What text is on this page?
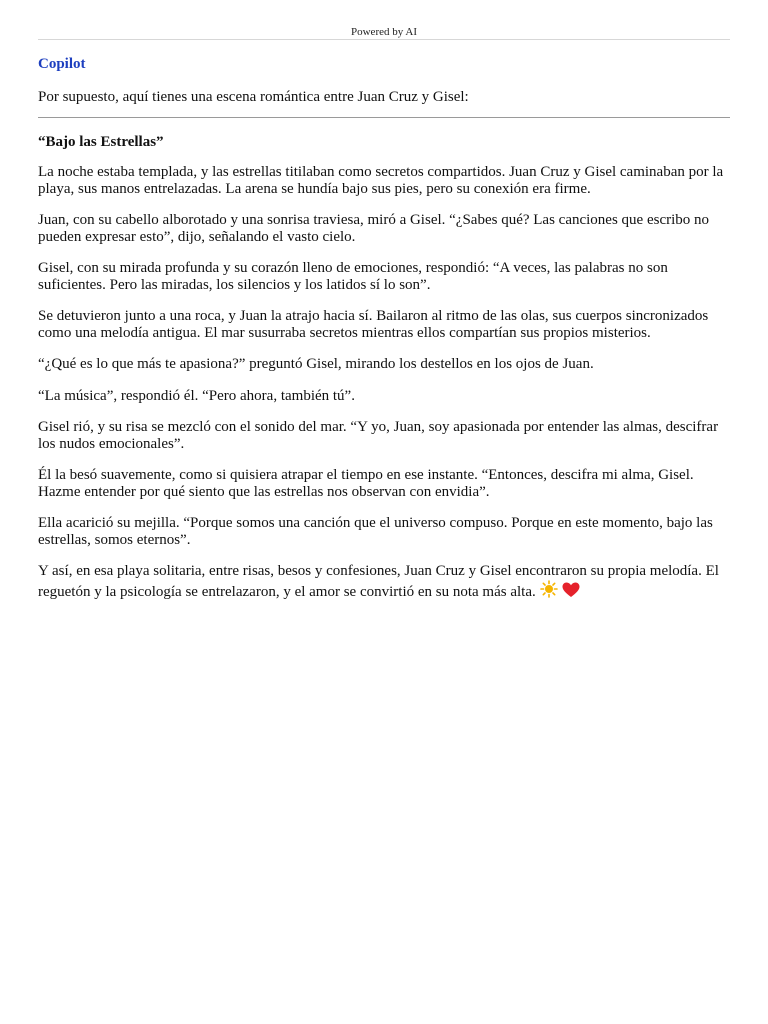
Powered by AI
Copilot
Por supuesto, aquí tienes una escena romántica entre Juan Cruz y Gisel:
“Bajo las Estrellas”

La noche estaba templada, y las estrellas titilaban como secretos compartidos. Juan Cruz y Gisel caminaban por la playa, sus manos entrelazadas. La arena se hundía bajo sus pies, pero su conexión era firme.

Juan, con su cabello alborotado y una sonrisa traviesa, miró a Gisel. “¿Sabes qué? Las canciones que escribo no pueden expresar esto”, dijo, señalando el vasto cielo.

Gisel, con su mirada profunda y su corazón lleno de emociones, respondió: “A veces, las palabras no son suficientes. Pero las miradas, los silencios y los latidos sí lo son”.

Se detuvieron junto a una roca, y Juan la atrajo hacia sí. Bailaron al ritmo de las olas, sus cuerpos sincronizados como una melodía antigua. El mar susurraba secretos mientras ellos compartían sus propios misterios.

“¿Qué es lo que más te apasiona?” preguntó Gisel, mirando los destellos en los ojos de Juan.

“La música”, respondió él. “Pero ahora, también tú”.

Gisel rió, y su risa se mezcló con el sonido del mar. “Y yo, Juan, soy apasionada por entender las almas, descifrar los nudos emocionales”.

Él la besó suavemente, como si quisiera atrapar el tiempo en ese instante. “Entonces, descifra mi alma, Gisel. Hazme entender por qué siento que las estrellas nos observan con envidia”.

Ella acarició su mejilla. “Porque somos una canción que el universo compuso. Porque en este momento, bajo las estrellas, somos eternos”.

Y así, en esa playa solitaria, entre risas, besos y confesiones, Juan Cruz y Gisel encontraron su propia melodía. El reguetón y la psicología se entrelazaron, y el amor se convirtió en su nota más alta.
